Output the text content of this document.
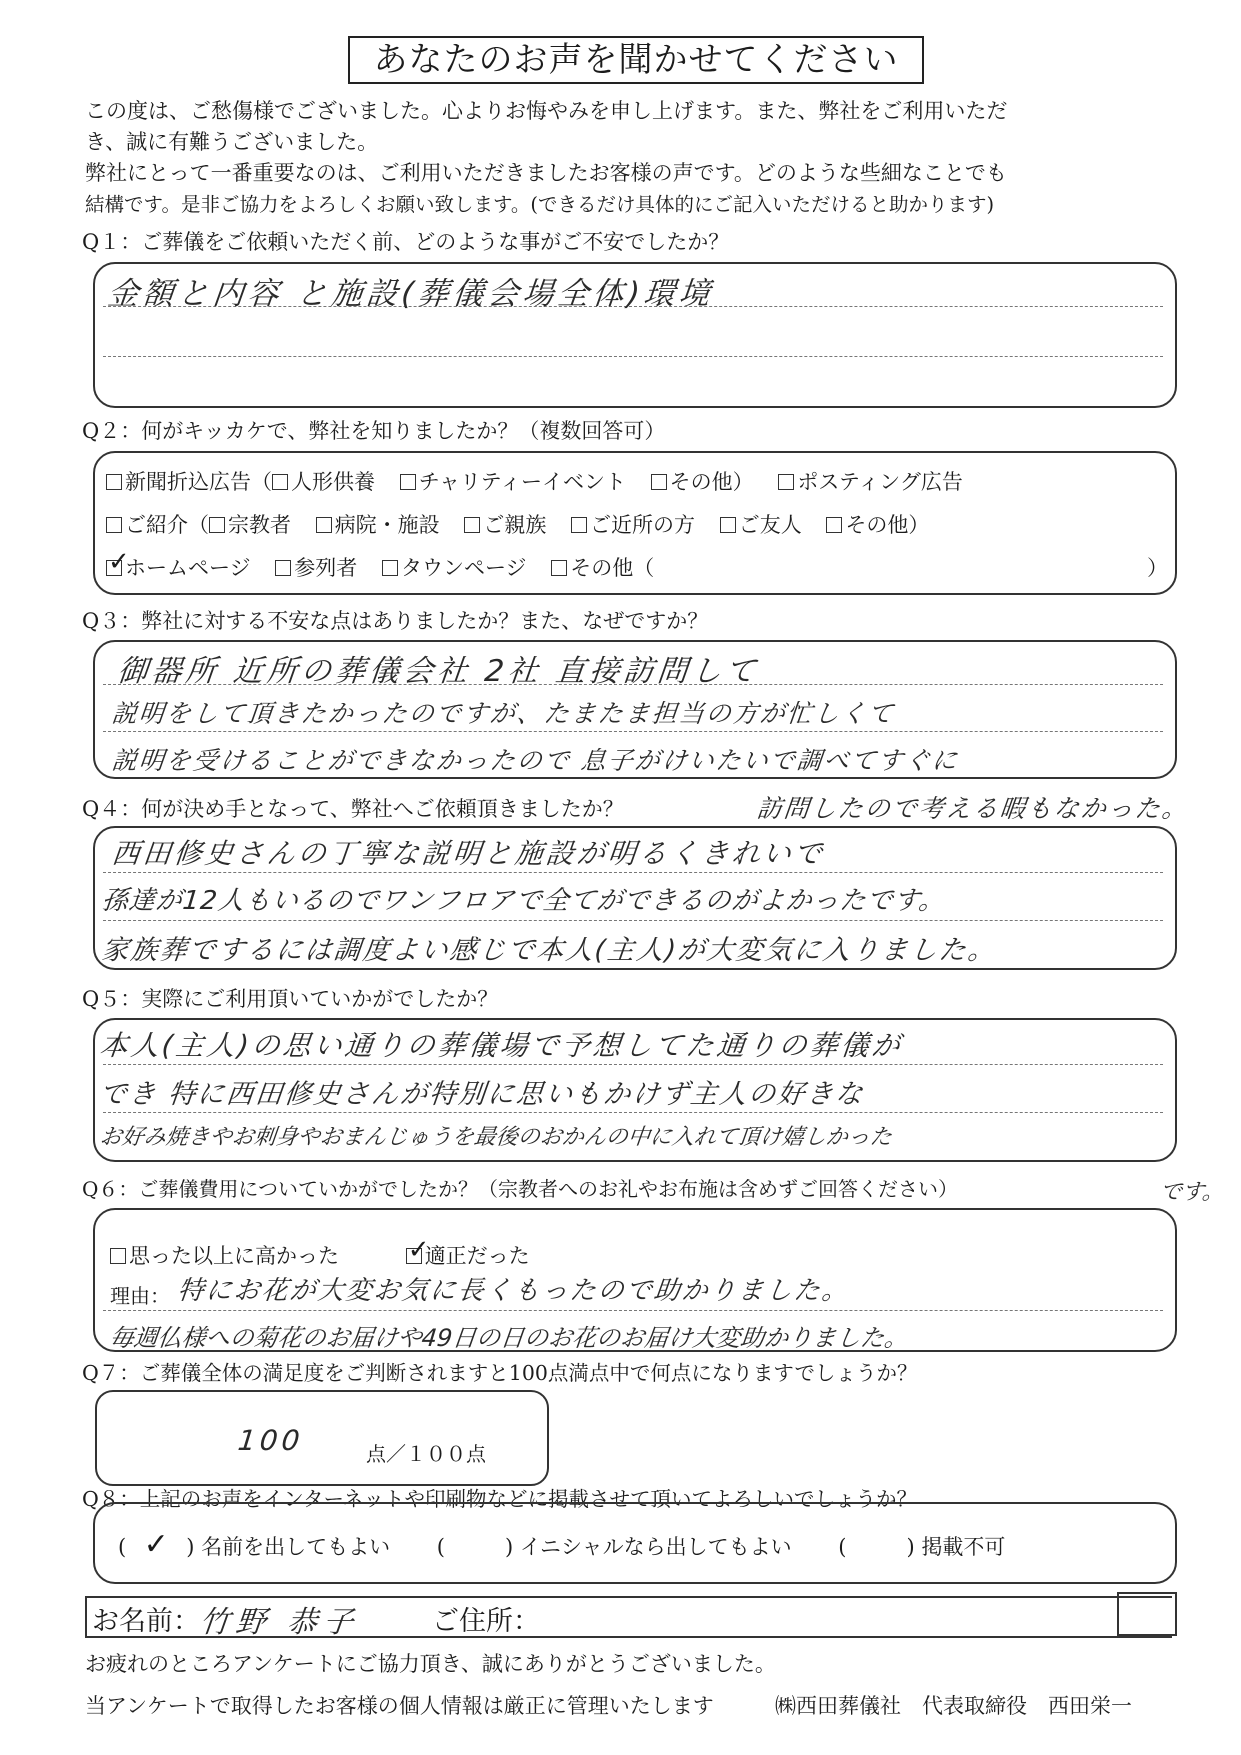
あなたのお声を聞かせてください

この度は、ご愁傷様でございました。心よりお悔やみを申し上げます。また、弊社をご利用いただ

き、誠に有難うございました。

弊社にとって一番重要なのは、ご利用いただきましたお客様の声です。どのような些細なことでも

結構です。是非ご協力をよろしくお願い致します。(できるだけ具体的にご記入いただけると助かります)

Q１：ご葬儀をご依頼いただく前、どのような事がご不安でしたか？
金額と内容 と施設(葬儀会場全体)環境
Q２：何がキッカケで、弊社を知りましたか？（複数回答可）
新聞折込広告（ 人形供養 チャリティーイベント その他） ポスティング広告
ご紹介（ 宗教者 病院・施設 ご親族 ご近所の方 ご友人 その他）
✓
ホームページ 参列者 タウンページ その他（	）
Q３：弊社に対する不安な点はありましたか？また、なぜですか？
御器所 近所の葬儀会社 2社 直接訪問して
説明をして頂きたかったのですが、たまたま担当の方が忙しくて
説明を受けることができなかったので 息子がけいたいで調べてすぐに
Q４：何が決め手となって、弊社へご依頼頂きましたか？	訪問したので考える暇もなかった。
西田修史さんの丁寧な説明と施設が明るくきれいで
孫達が12人もいるのでワンフロアで全てができるのがよかったです。
家族葬でするには調度よい感じで本人(主人)が大変気に入りました。
Q５：実際にご利用頂いていかがでしたか？
本人(主人)の思い通りの葬儀場で予想してた通りの葬儀が
でき 特に西田修史さんが特別に思いもかけず主人の好きな
お好み焼きやお刺身やおまんじゅうを最後のおかんの中に入れて頂け嬉しかった
Q６：ご葬儀費用についていかがでしたか？（宗教者へのお礼やお布施は含めずご回答ください）	です。
思った以上に高かった	✓
適正だった
理由： 特にお花が大変お気に長くもったので助かりました。
毎週仏様への菊花のお届けや49日の日のお花のお届け大変助かりました。
Q７：ご葬儀全体の満足度をご判断されますと100点満点中で何点になりますでしょうか？
100	点／１００点
Q８：上記のお声をインターネットや印刷物などに掲載させて頂いてよろしいでしょうか？
( ✓ ) 名前を出してもよい (	) イニシャルなら出してもよい (	) 掲載不可
お名前：
竹野 恭子	ご住所：
お疲れのところアンケートにご協力頂き、誠にありがとうございました。
当アンケートで取得したお客様の個人情報は厳正に管理いたします	㈱西田葬儀社　代表取締役　西田栄一
